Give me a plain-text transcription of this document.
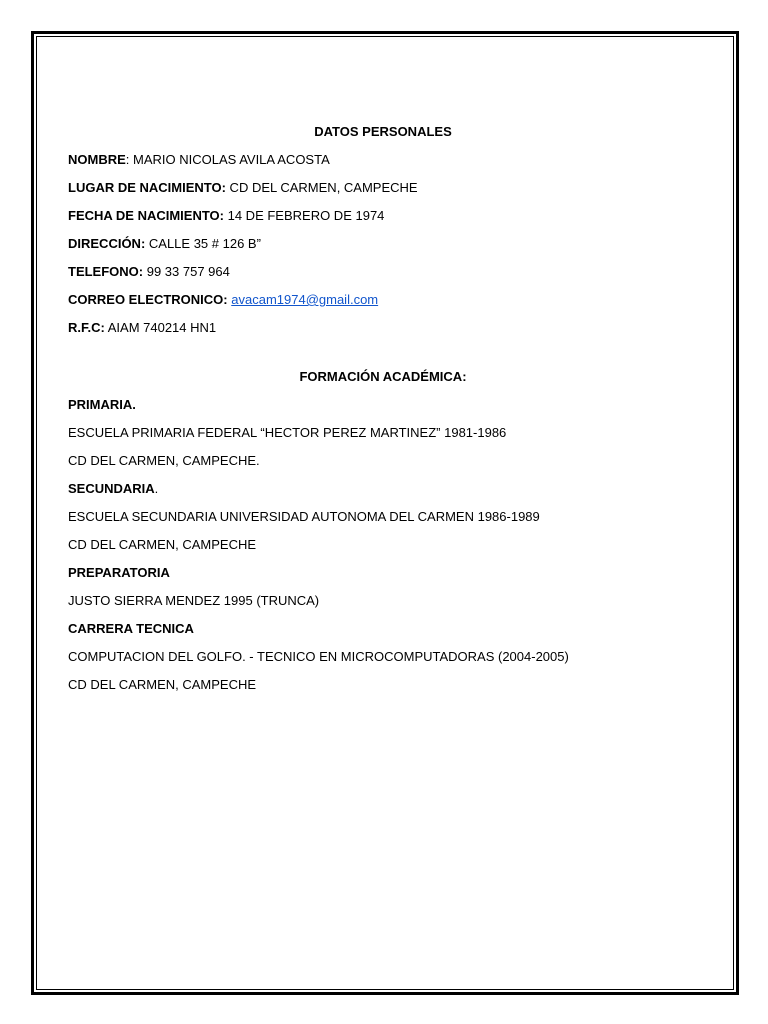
DATOS PERSONALES

NOMBRE: MARIO NICOLAS AVILA ACOSTA

LUGAR DE NACIMIENTO: CD DEL CARMEN, CAMPECHE

FECHA DE NACIMIENTO: 14 DE FEBRERO DE 1974

DIRECCIÓN: CALLE 35 # 126 B”

TELEFONO: 99 33 757 964

CORREO ELECTRONICO: avacam1974@gmail.com

R.F.C: AIAM 740214 HN1

FORMACIÓN ACADÉMICA:

PRIMARIA.

ESCUELA PRIMARIA FEDERAL “HECTOR PEREZ MARTINEZ” 1981-1986

CD DEL CARMEN, CAMPECHE.

SECUNDARIA.

ESCUELA SECUNDARIA UNIVERSIDAD AUTONOMA DEL CARMEN 1986-1989

CD DEL CARMEN, CAMPECHE

PREPARATORIA

JUSTO SIERRA MENDEZ 1995 (TRUNCA)

CARRERA TECNICA

COMPUTACION DEL GOLFO. - TECNICO EN MICROCOMPUTADORAS (2004-2005)

CD DEL CARMEN, CAMPECHE
